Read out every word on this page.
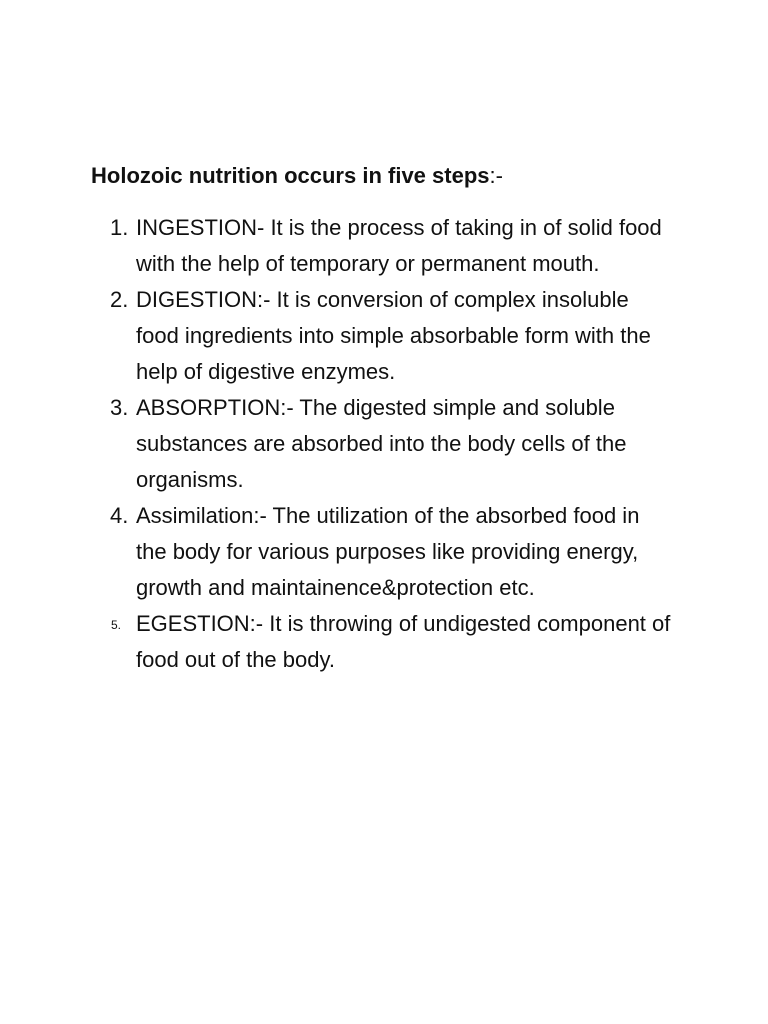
Holozoic nutrition occurs in five steps:-
1. INGESTION- It is the process of taking in of solid food with the help of temporary or permanent mouth.
2. DIGESTION:- It is conversion of complex insoluble food ingredients into simple absorbable form with the help of digestive enzymes.
3. ABSORPTION:- The digested simple and soluble substances are absorbed into the body cells of the organisms.
4. Assimilation:- The utilization of the absorbed food in the body for various purposes like providing energy, growth and maintainence&protection etc.
5. EGESTION:- It is throwing of undigested component of food out of the body.
